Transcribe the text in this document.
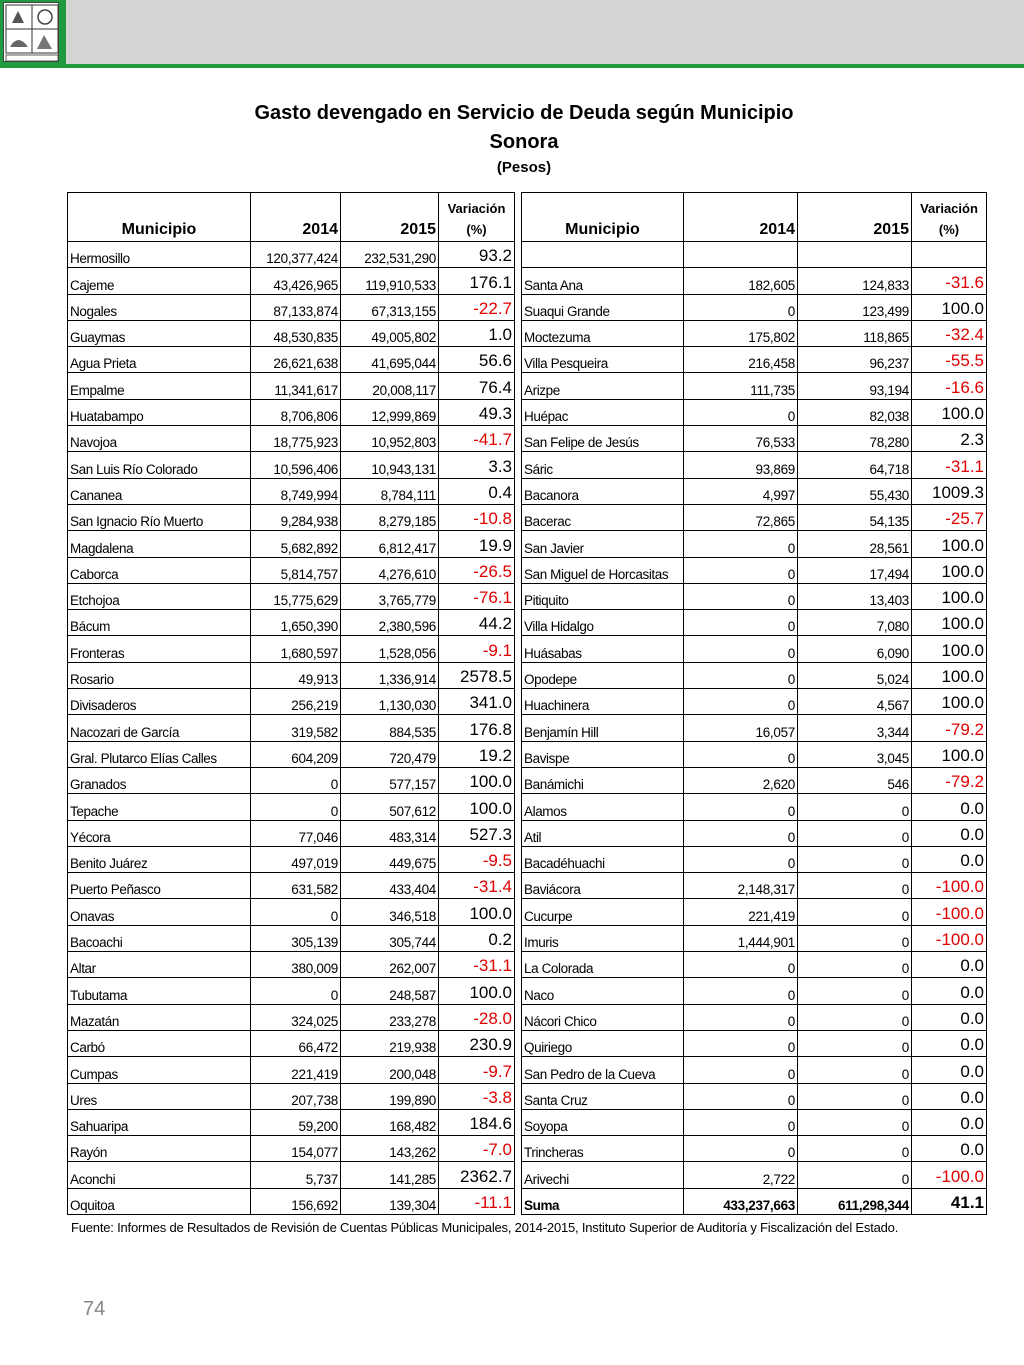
Gasto devengado en Servicio de Deuda según Municipio
Sonora
(Pesos)
Municipio	2014	2015	Variación
(%)
Hermosillo	120,377,424	232,531,290	93.2
Cajeme	43,426,965	119,910,533	176.1
Nogales	87,133,874	67,313,155	-22.7
Guaymas	48,530,835	49,005,802	1.0
Agua Prieta	26,621,638	41,695,044	56.6
Empalme	11,341,617	20,008,117	76.4
Huatabampo	8,706,806	12,999,869	49.3
Navojoa	18,775,923	10,952,803	-41.7
San Luis Río Colorado	10,596,406	10,943,131	3.3
Cananea	8,749,994	8,784,111	0.4
San Ignacio Río Muerto	9,284,938	8,279,185	-10.8
Magdalena	5,682,892	6,812,417	19.9
Caborca	5,814,757	4,276,610	-26.5
Etchojoa	15,775,629	3,765,779	-76.1
Bácum	1,650,390	2,380,596	44.2
Fronteras	1,680,597	1,528,056	-9.1
Rosario	49,913	1,336,914	2578.5
Divisaderos	256,219	1,130,030	341.0
Nacozari de García	319,582	884,535	176.8
Gral. Plutarco Elías Calles	604,209	720,479	19.2
Granados	0	577,157	100.0
Tepache	0	507,612	100.0
Yécora	77,046	483,314	527.3
Benito Juárez	497,019	449,675	-9.5
Puerto Peñasco	631,582	433,404	-31.4
Onavas	0	346,518	100.0
Bacoachi	305,139	305,744	0.2
Altar	380,009	262,007	-31.1
Tubutama	0	248,587	100.0
Mazatán	324,025	233,278	-28.0
Carbó	66,472	219,938	230.9
Cumpas	221,419	200,048	-9.7
Ures	207,738	199,890	-3.8
Sahuaripa	59,200	168,482	184.6
Rayón	154,077	143,262	-7.0
Aconchi	5,737	141,285	2362.7
Oquitoa	156,692	139,304	-11.1
Municipio	2014	2015	Variación
(%)

Santa Ana	182,605	124,833	-31.6
Suaqui Grande	0	123,499	100.0
Moctezuma	175,802	118,865	-32.4
Villa Pesqueira	216,458	96,237	-55.5
Arizpe	111,735	93,194	-16.6
Huépac	0	82,038	100.0
San Felipe de Jesús	76,533	78,280	2.3
Sáric	93,869	64,718	-31.1
Bacanora	4,997	55,430	1009.3
Bacerac	72,865	54,135	-25.7
San Javier	0	28,561	100.0
San Miguel de Horcasitas	0	17,494	100.0
Pitiquito	0	13,403	100.0
Villa Hidalgo	0	7,080	100.0
Huásabas	0	6,090	100.0
Opodepe	0	5,024	100.0
Huachinera	0	4,567	100.0
Benjamín Hill	16,057	3,344	-79.2
Bavispe	0	3,045	100.0
Banámichi	2,620	546	-79.2
Alamos	0	0	0.0
Atil	0	0	0.0
Bacadéhuachi	0	0	0.0
Baviácora	2,148,317	0	-100.0
Cucurpe	221,419	0	-100.0
Imuris	1,444,901	0	-100.0
La Colorada	0	0	0.0
Naco	0	0	0.0
Nácori Chico	0	0	0.0
Quiriego	0	0	0.0
San Pedro de la Cueva	0	0	0.0
Santa Cruz	0	0	0.0
Soyopa	0	0	0.0
Trincheras	0	0	0.0
Arivechi	2,722	0	-100.0
Suma	433,237,663	611,298,344	41.1
Fuente: Informes de Resultados de Revisión de Cuentas Públicas Municipales, 2014-2015, Instituto Superior de Auditoría y Fiscalización del Estado.
74
